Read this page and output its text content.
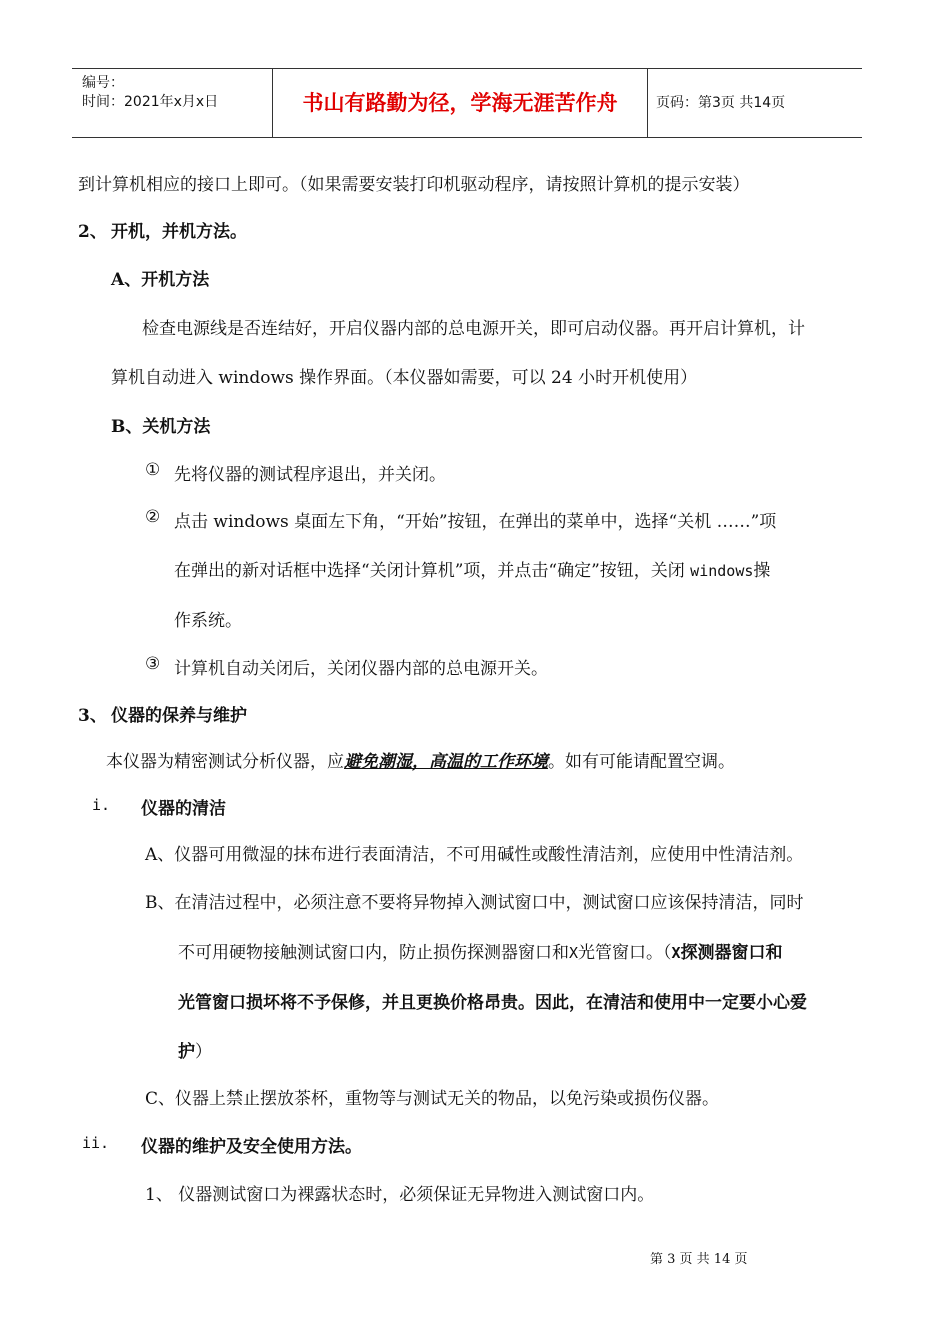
编号：
时间：2021年x月x日	书山有路勤为径，学海无涯苦作舟	页码：第3页 共14页
到计算机相应的接口上即可。（如果需要安装打印机驱动程序，请按照计算机的提示安装）
2、 开机，并机方法。
A、开机方法
检查电源线是否连结好，开启仪器内部的总电源开关，即可启动仪器。再开启计算机，计
算机自动进入 windows 操作界面。（本仪器如需要，可以 24 小时开机使用）
B、关机方法
① 先将仪器的测试程序退出，并关闭。
② 点击 windows 桌面左下角，“开始”按钮，在弹出的菜单中，选择“关机 ……”项
在弹出的新对话框中选择“关闭计算机”项，并点击“确定”按钮，关闭 windows操
作系统。
③ 计算机自动关闭后，关闭仪器内部的总电源开关。
3、 仪器的保养与维护
本仪器为精密测试分析仪器，应避免潮湿，高温的工作环境。如有可能请配置空调。
i. 仪器的清洁
A、仪器可用微湿的抹布进行表面清洁，不可用碱性或酸性清洁剂，应使用中性清洁剂。
B、在清洁过程中，必须注意不要将异物掉入测试窗口中，测试窗口应该保持清洁，同时
不可用硬物接触测试窗口内，防止损伤探测器窗口和X光管窗口。（X探测器窗口和
光管窗口损坏将不予保修，并且更换价格昂贵。因此，在清洁和使用中一定要小心爱
护）
C、仪器上禁止摆放茶杯，重物等与测试无关的物品，以免污染或损伤仪器。
ii. 仪器的维护及安全使用方法。
1、 仪器测试窗口为裸露状态时，必须保证无异物进入测试窗口内。
第 3 页 共 14 页
